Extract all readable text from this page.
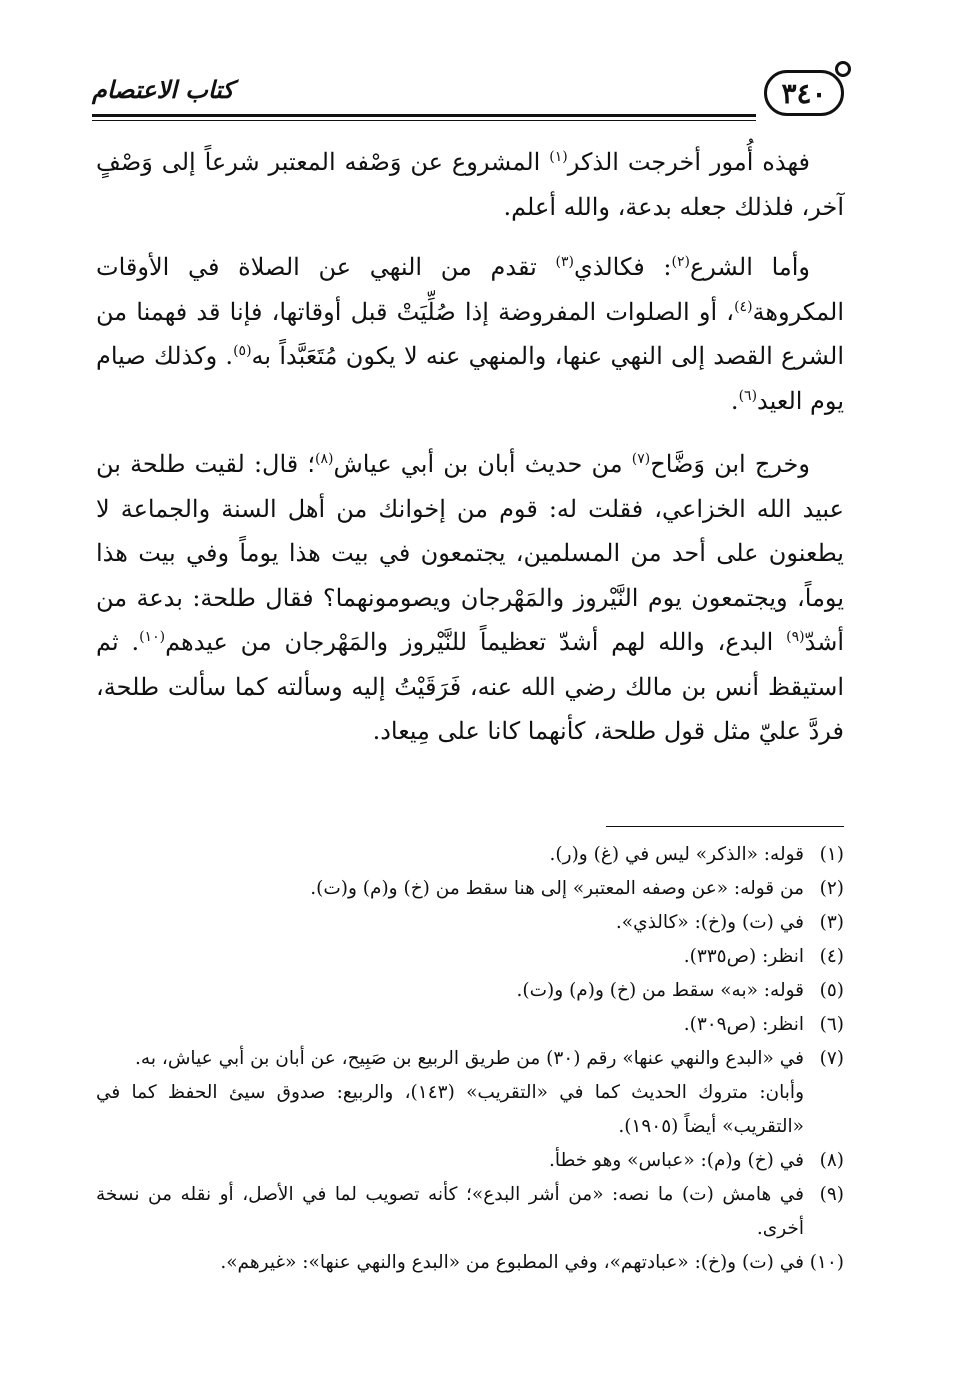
٣٤٠
كتاب الاعتصام

فهذه أُمور أخرجت الذكر$^{(١)}$ المشروع عن وَصْفه المعتبر شرعاً إلى وَصْفٍ آخر، فلذلك جعله بدعة، والله أعلم.

وأما الشرع$^{(٢)}$: فكالذي$^{(٣)}$ تقدم من النهي عن الصلاة في الأوقات المكروهة$^{(٤)}$، أو الصلوات المفروضة إذا صُلِّيَتْ قبل أوقاتها، فإنا قد فهمنا من الشرع القصد إلى النهي عنها، والمنهي عنه لا يكون مُتَعَبَّداً به$^{(٥)}$. وكذلك صيام يوم العيد$^{(٦)}$.

وخرج ابن وَضَّاح$^{(٧)}$ من حديث أبان بن أبي عياش$^{(٨)}$؛ قال: لقيت طلحة بن عبيد الله الخزاعي، فقلت له: قوم من إخوانك من أهل السنة والجماعة لا يطعنون على أحد من المسلمين، يجتمعون في بيت هذا يوماً وفي بيت هذا يوماً، ويجتمعون يوم النَّيْروز والمَهْرجان ويصومونهما؟ فقال طلحة: بدعة من أشدّ$^{(٩)}$ البدع، والله لهم أشدّ تعظيماً للنَّيْروز والمَهْرجان من عيدهم$^{(١٠)}$. ثم استيقظ أنس بن مالك رضي الله عنه، فَرَقَيْتُ إليه وسألته كما سألت طلحة، فردَّ عليّ مثل قول طلحة، كأنهما كانا على مِيعاد.

(١)
قوله: «الذكر» ليس في (غ) و(ر).
(٢)
من قوله: «عن وصفه المعتبر» إلى هنا سقط من (خ) و(م) و(ت).
(٣)
في (ت) و(خ): «كالذي».
(٤)
انظر: (ص٣٣٥).
(٥)
قوله: «به» سقط من (خ) و(م) و(ت).
(٦)
انظر: (ص٣٠٩).
(٧)
في «البدع والنهي عنها» رقم (٣٠) من طريق الربيع بن صَبِيح، عن أبان بن أبي عياش، به.
وأبان: متروك الحديث كما في «التقريب» (١٤٣)، والربيع: صدوق سيئ الحفظ كما في «التقريب» أيضاً (١٩٠٥).
(٨)
في (خ) و(م): «عباس» وهو خطأ.
(٩)
في هامش (ت) ما نصه: «من أشر البدع»؛ كأنه تصويب لما في الأصل، أو نقله من نسخة أخرى.
(١٠)
في (ت) و(خ): «عبادتهم»، وفي المطبوع من «البدع والنهي عنها»: «غيرهم».
